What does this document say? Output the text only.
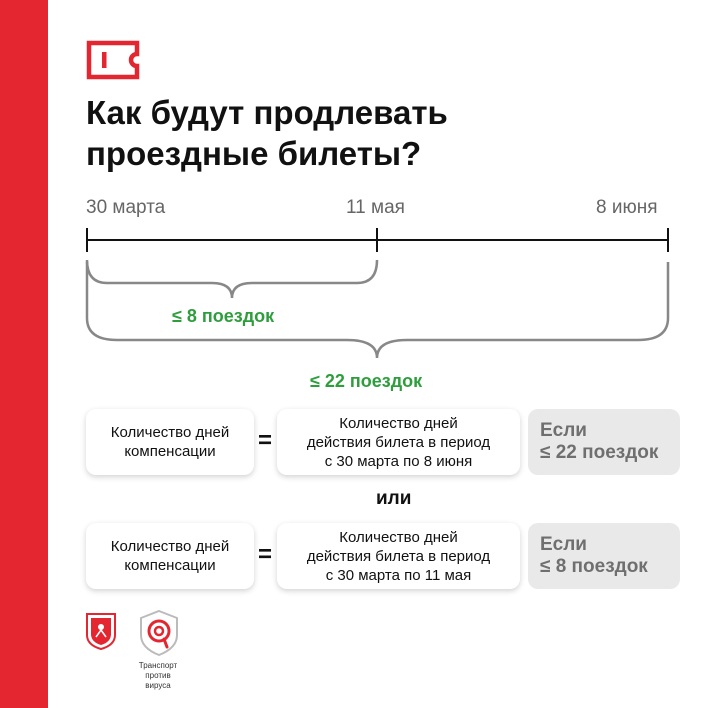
Как будут продлевать
проездные билеты?
30 марта	11 мая	8 июня
≤ 8 поездок
≤ 22 поездок
Количество дней
компенсации	=
Количество дней
действия билета в период
с 30 марта по 8 июня
Если
≤ 22 поездок
или
Количество дней
компенсации	=
Количество дней
действия билета в период
с 30 марта по 11 мая
Если
≤ 8 поездок
Транспорт
против вируса
